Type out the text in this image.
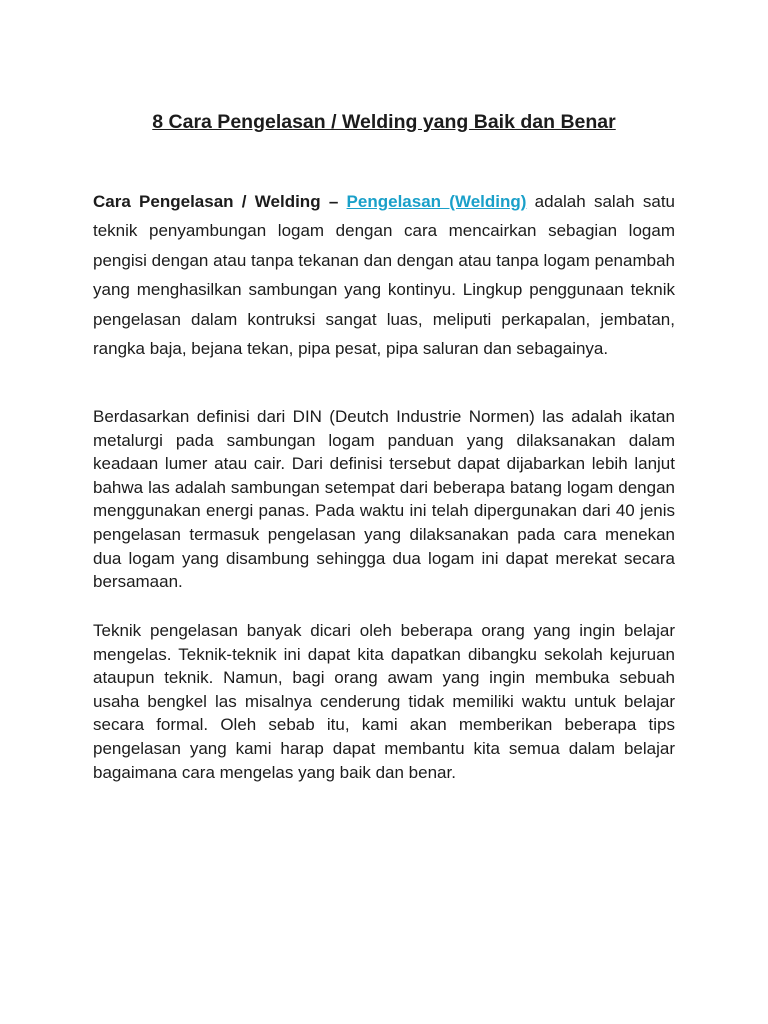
8 Cara Pengelasan / Welding yang Baik dan Benar

Cara Pengelasan / Welding – Pengelasan (Welding) adalah salah satu teknik penyambungan logam dengan cara mencairkan sebagian logam pengisi dengan atau tanpa tekanan dan dengan atau tanpa logam penambah yang menghasilkan sambungan yang kontinyu. Lingkup penggunaan teknik pengelasan dalam kontruksi sangat luas, meliputi perkapalan, jembatan, rangka baja, bejana tekan, pipa pesat, pipa saluran dan sebagainya.

Berdasarkan definisi dari DIN (Deutch Industrie Normen) las adalah ikatan metalurgi pada sambungan logam panduan yang dilaksanakan dalam keadaan lumer atau cair. Dari definisi tersebut dapat dijabarkan lebih lanjut bahwa las adalah sambungan setempat dari beberapa batang logam dengan menggunakan energi panas. Pada waktu ini telah dipergunakan dari 40 jenis pengelasan termasuk pengelasan yang dilaksanakan pada cara menekan dua logam yang disambung sehingga dua logam ini dapat merekat secara bersamaan.

Teknik pengelasan banyak dicari oleh beberapa orang yang ingin belajar mengelas. Teknik-teknik ini dapat kita dapatkan dibangku sekolah kejuruan ataupun teknik. Namun, bagi orang awam yang ingin membuka sebuah usaha bengkel las misalnya cenderung tidak memiliki waktu untuk belajar secara formal. Oleh sebab itu, kami akan memberikan beberapa tips pengelasan yang kami harap dapat membantu kita semua dalam belajar bagaimana cara mengelas yang baik dan benar.
